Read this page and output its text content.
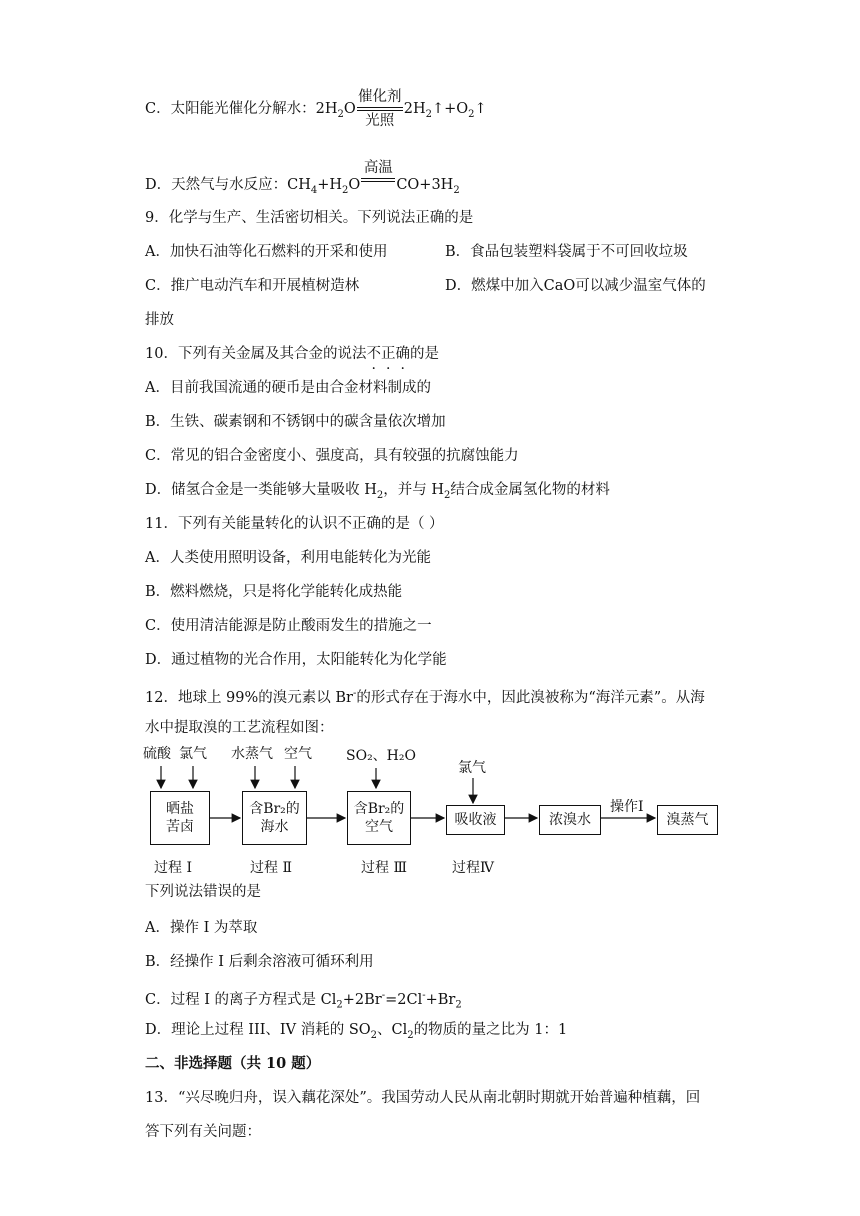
C．太阳能光催化分解水：$2H_2O \frac{\text{催化剂}}{\text{光照}}$ $2H_2↑+O_2↑$
D．天然气与水反应：$CH_4+H_2O$
高温

$CO+3H_2$
9．化学与生产、生活密切相关。下列说法正确的是
A．加快石油等化石燃料的开采和使用	B．食品包装塑料袋属于不可回收垃圾
C．推广电动汽车和开展植树造林	D．燃煤中加入CaO可以减少温室气体的
排放
10．下列有关金属及其合金的说法不正确的是
A．目前我国流通的硬币是由合金材料制成的
B．生铁、碳素钢和不锈钢中的碳含量依次增加
C．常见的铝合金密度小、强度高，具有较强的抗腐蚀能力
D．储氢合金是一类能够大量吸收 $H_2$，并与 $H_2$结合成金属氢化物的材料
11．下列有关能量转化的认识不正确的是（ ）
A．人类使用照明设备，利用电能转化为光能
B．燃料燃烧，只是将化学能转化成热能
C．使用清洁能源是防止酸雨发生的措施之一
D．通过植物的光合作用，太阳能转化为化学能
12．地球上 99%的溴元素以 Br-的形式存在于海水中，因此溴被称为“海洋元素”。从海
水中提取溴的工艺流程如图：
硫酸 氯气 水蒸气 空气 SO₂、H₂O
氯气
晒盐
苦卤
含Br₂的
海水
含Br₂的
空气	吸收液	浓溴水	溴蒸气
操作I
过程 I	过程 Ⅱ	过程 Ⅲ	过程Ⅳ
下列说法错误的是
A．操作 I 为萃取
B．经操作 I 后剩余溶液可循环利用
C．过程 I 的离子方程式是 $Cl_2+2Br^-=2Cl^-+Br_2$
D．理论上过程 III、IV 消耗的 $SO_2$、$Cl_2$的物质的量之比为 1：1
二、非选择题（共 10 题）
13．“兴尽晚归舟，误入藕花深处”。我国劳动人民从南北朝时期就开始普遍种植藕，回
答下列有关问题：
